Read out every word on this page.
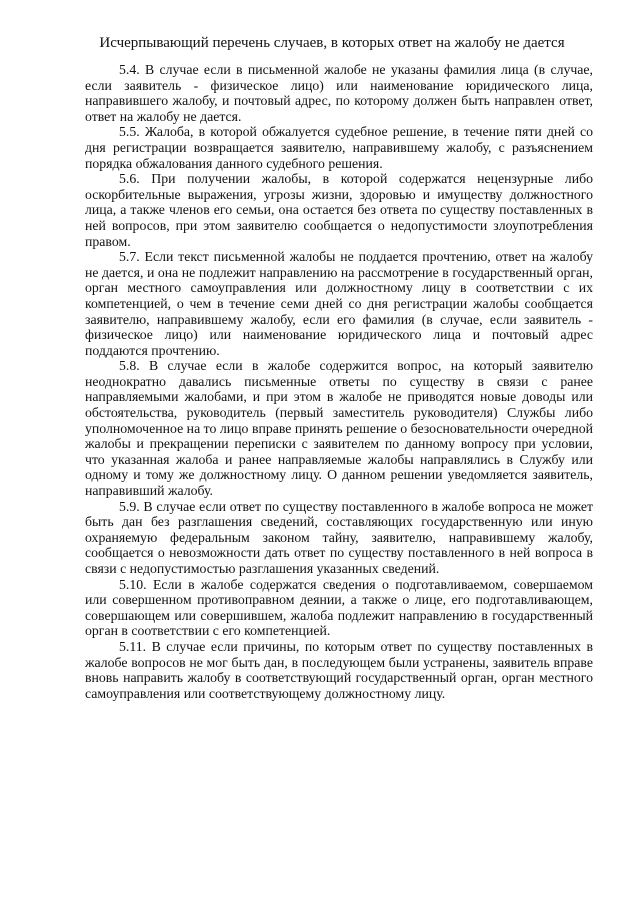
Исчерпывающий перечень случаев, в которых ответ на жалобу не дается

5.4. В случае если в письменной жалобе не указаны фамилия лица (в случае, если заявитель - физическое лицо) или наименование юридического лица, направившего жалобу, и почтовый адрес, по которому должен быть направлен ответ, ответ на жалобу не дается.

5.5. Жалоба, в которой обжалуется судебное решение, в течение пяти дней со дня регистрации возвращается заявителю, направившему жалобу, с разъяснением порядка обжалования данного судебного решения.

5.6. При получении жалобы, в которой содержатся нецензурные либо оскорбительные выражения, угрозы жизни, здоровью и имуществу должностного лица, а также членов его семьи, она остается без ответа по существу поставленных в ней вопросов, при этом заявителю сообщается о недопустимости злоупотребления правом.

5.7. Если текст письменной жалобы не поддается прочтению, ответ на жалобу не дается, и она не подлежит направлению на рассмотрение в государственный орган, орган местного самоуправления или должностному лицу в соответствии с их компетенцией, о чем в течение семи дней со дня регистрации жалобы сообщается заявителю, направившему жалобу, если его фамилия (в случае, если заявитель - физическое лицо) или наименование юридического лица и почтовый адрес поддаются прочтению.

5.8. В случае если в жалобе содержится вопрос, на который заявителю неоднократно давались письменные ответы по существу в связи с ранее направляемыми жалобами, и при этом в жалобе не приводятся новые доводы или обстоятельства, руководитель (первый заместитель руководителя) Службы либо уполномоченное на то лицо вправе принять решение о безосновательности очередной жалобы и прекращении переписки с заявителем по данному вопросу при условии, что указанная жалоба и ранее направляемые жалобы направлялись в Службу или одному и тому же должностному лицу. О данном решении уведомляется заявитель, направивший жалобу.

5.9. В случае если ответ по существу поставленного в жалобе вопроса не может быть дан без разглашения сведений, составляющих государственную или иную охраняемую федеральным законом тайну, заявителю, направившему жалобу, сообщается о невозможности дать ответ по существу поставленного в ней вопроса в связи с недопустимостью разглашения указанных сведений.

5.10. Если в жалобе содержатся сведения о подготавливаемом, совершаемом или совершенном противоправном деянии, а также о лице, его подготавливающем, совершающем или совершившем, жалоба подлежит направлению в государственный орган в соответствии с его компетенцией.

5.11. В случае если причины, по которым ответ по существу поставленных в жалобе вопросов не мог быть дан, в последующем были устранены, заявитель вправе вновь направить жалобу в соответствующий государственный орган, орган местного самоуправления или соответствующему должностному лицу.
